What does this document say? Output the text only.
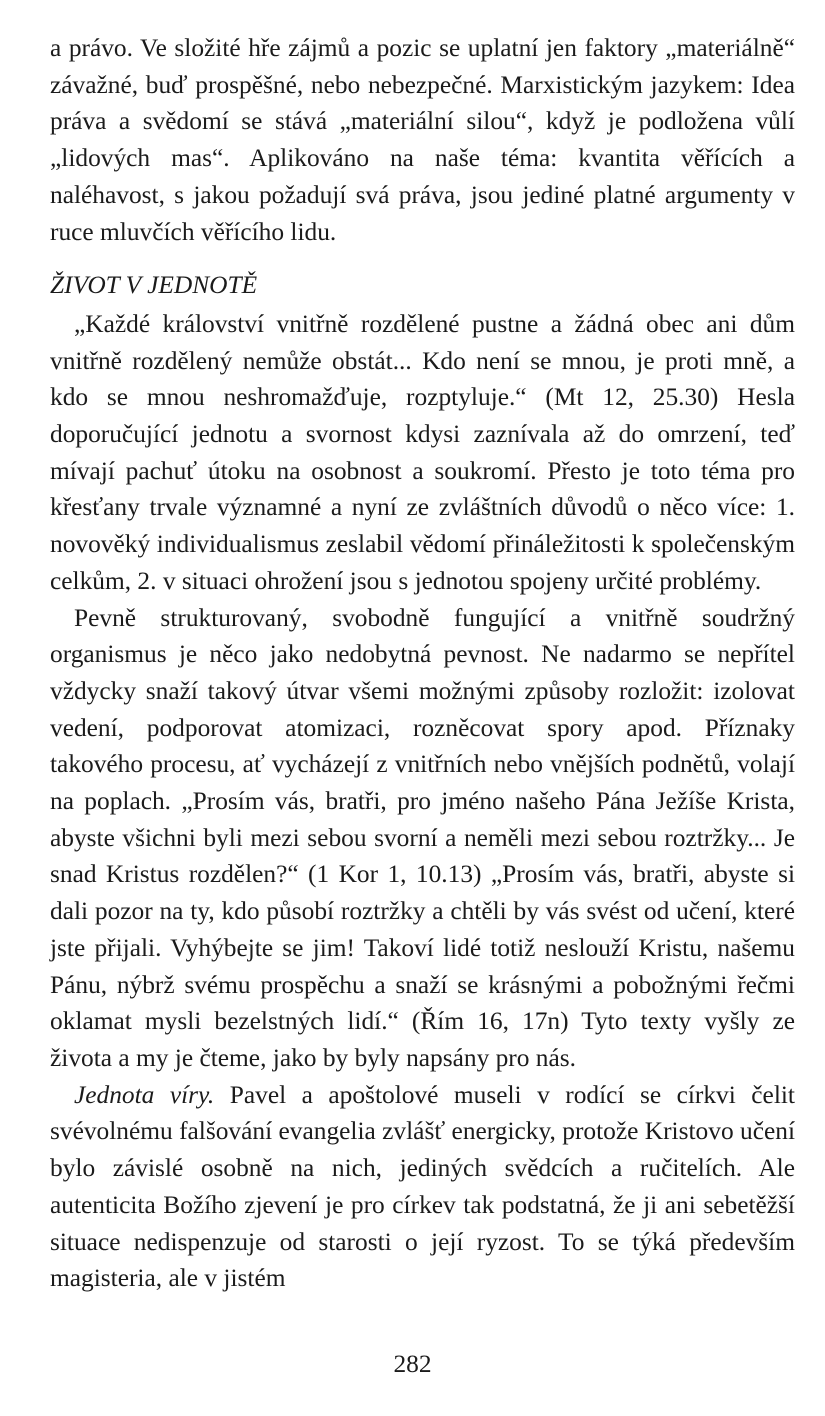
a právo. Ve složité hře zájmů a pozic se uplatní jen faktory „materiálně“ závažné, buď prospěšné, nebo nebezpečné. Marxistickým jazykem: Idea práva a svědomí se stává „materiální silou“, když je podložena vůlí „lidových mas“. Aplikováno na naše téma: kvantita věřících a naléhavost, s jakou požadují svá práva, jsou jediné platné argumenty v ruce mluvčích věřícího lidu.

ŽIVOT V JEDNOTĚ

„Každé království vnitřně rozdělené pustne a žádná obec ani dům vnitřně rozdělený nemůže obstát... Kdo není se mnou, je proti mně, a kdo se mnou neshromažďuje, rozptyluje.“ (Mt 12, 25.30) Hesla doporučující jednotu a svornost kdysi zaznívala až do omrzení, teď mívají pachuť útoku na osobnost a soukromí. Přesto je toto téma pro křesťany trvale významné a nyní ze zvláštních důvodů o něco více: 1. novověký individualismus zeslabil vědomí přináležitosti k společenským celkům, 2. v situaci ohrožení jsou s jednotou spojeny určité problémy.

Pevně strukturovaný, svobodně fungující a vnitřně soudržný organismus je něco jako nedobytná pevnost. Ne nadarmo se nepřítel vždycky snaží takový útvar všemi možnými způsoby rozložit: izolovat vedení, podporovat atomizaci, rozněcovat spory apod. Příznaky takového procesu, ať vycházejí z vnitřních nebo vnějších podnětů, volají na poplach. „Prosím vás, bratři, pro jméno našeho Pána Ježíše Krista, abyste všichni byli mezi sebou svorní a neměli mezi sebou roztržky... Je snad Kristus rozdělen?“ (1 Kor 1, 10.13) „Prosím vás, bratři, abyste si dali pozor na ty, kdo působí roztržky a chtěli by vás svést od učení, které jste přijali. Vyhýbejte se jim! Takoví lidé totiž neslouží Kristu, našemu Pánu, nýbrž svému prospěchu a snaží se krásnými a pobožnými řečmi oklamat mysli bezelstných lidí.“ (Řím 16, 17n) Tyto texty vyšly ze života a my je čteme, jako by byly napsány pro nás.

Jednota víry. Pavel a apoštolové museli v rodící se církvi čelit svévolnému falšování evangelia zvlášť energicky, protože Kristovo učení bylo závislé osobně na nich, jediných svědcích a ručitelích. Ale autenticita Božího zjevení je pro církev tak podstatná, že ji ani sebetěžší situace nedispenzuje od starosti o její ryzost. To se týká především magisteria, ale v jistém

282
